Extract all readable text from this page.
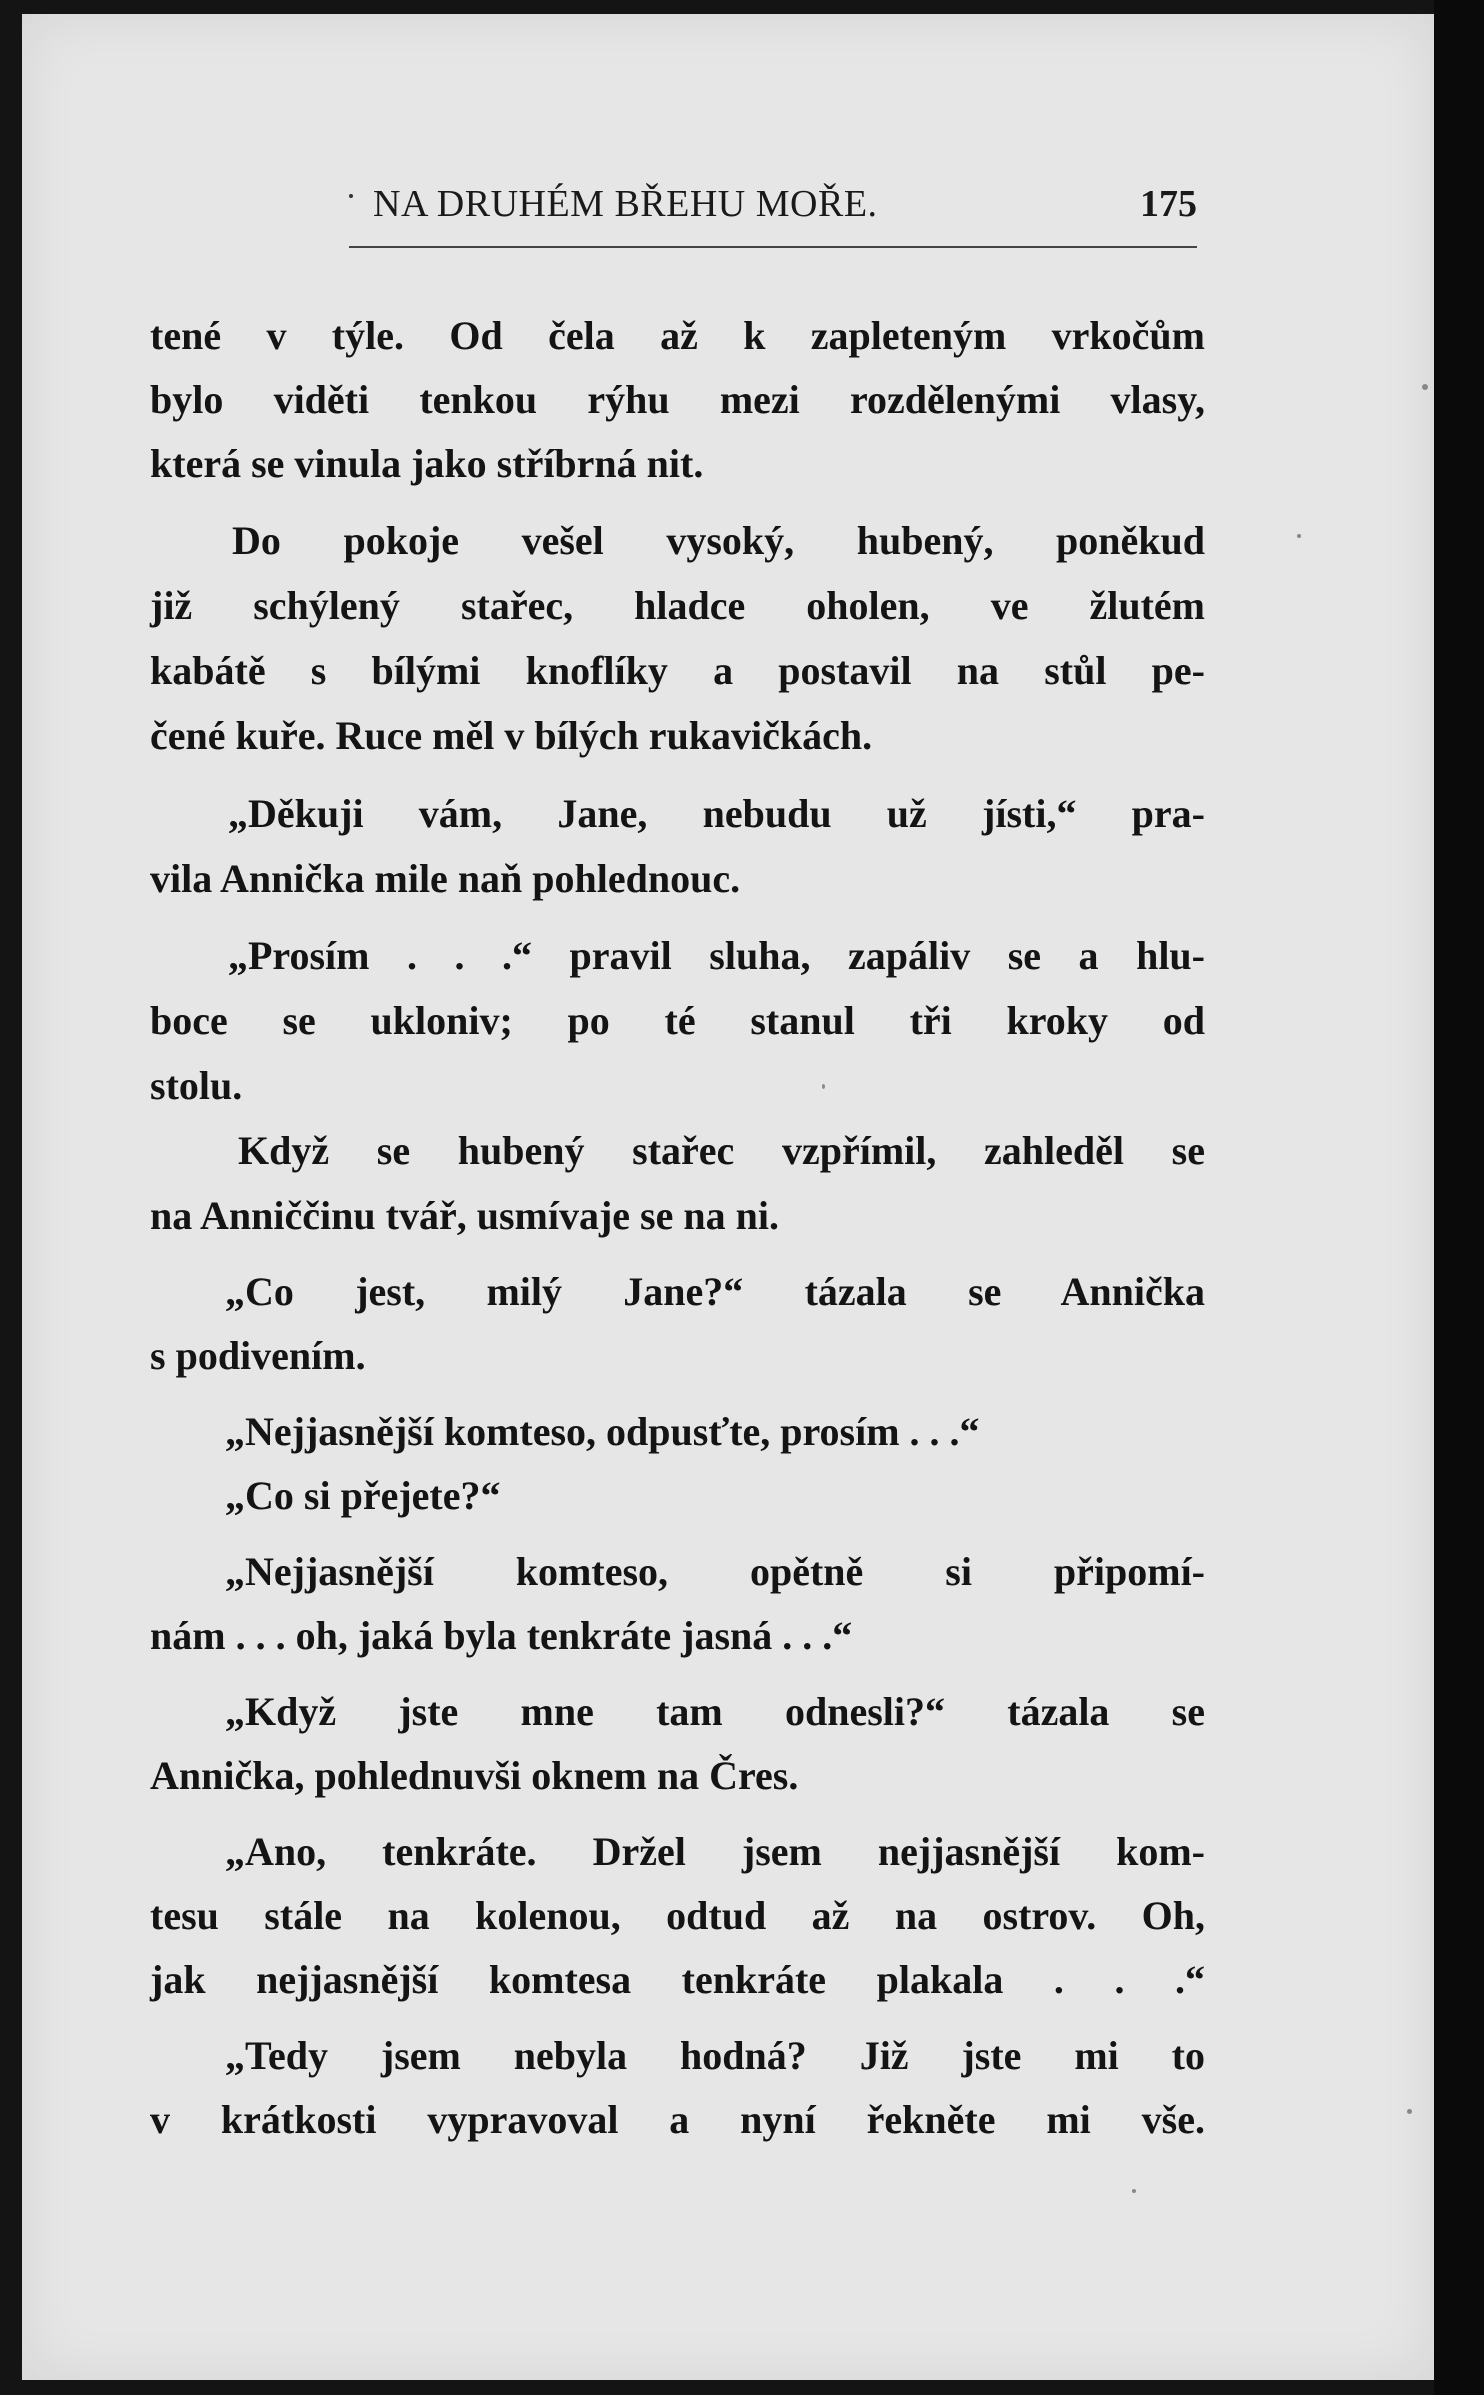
NA DRUHÉM BŘEHU MOŘE.	175
tené v týle. Od čela až k zapleteným vrkočům
bylo viděti tenkou rýhu mezi rozdělenými vlasy,
která se vinula jako stříbrná nit.
Do pokoje vešel vysoký, hubený, poněkud
již schýlený stařec, hladce oholen, ve žlutém
kabátě s bílými knoflíky a postavil na stůl pe-
čené kuře. Ruce měl v bílých rukavičkách.
„Děkuji vám, Jane, nebudu už jísti,“ pra-
vila Annička mile naň pohlednouc.
„Prosím . . .“ pravil sluha, zapáliv se a hlu-
boce se ukloniv; po té stanul tři kroky od
stolu.
Když se hubený stařec vzpřímil, zahleděl se
na Anniččinu tvář, usmívaje se na ni.
„Co jest, milý Jane?“ tázala se Annička
s podivením.
„Nejjasnější komteso, odpusťte, prosím . . .“
„Co si přejete?“
„Nejjasnější komteso, opětně si připomí-
nám . . . oh, jaká byla tenkráte jasná . . .“
„Když jste mne tam odnesli?“ tázala se
Annička, pohlednuvši oknem na Čres.
„Ano, tenkráte. Držel jsem nejjasnější kom-
tesu stále na kolenou, odtud až na ostrov. Oh,
jak nejjasnější komtesa tenkráte plakala . . .“
„Tedy jsem nebyla hodná? Již jste mi to
v krátkosti vypravoval a nyní řekněte mi vše.
